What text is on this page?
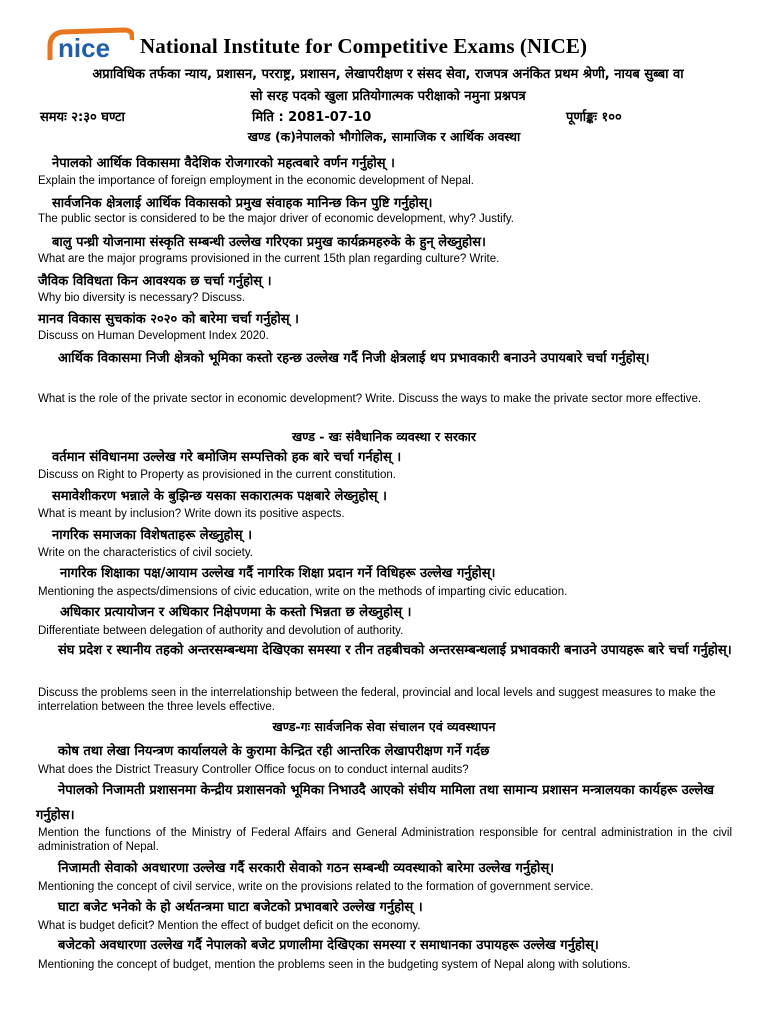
nice National Institute for Competitive Exams (NICE)
अप्राविधिक तर्फका न्याय, प्रशासन, परराष्ट्र, प्रशासन, लेखापरीक्षण र संसद सेवा, राजपत्र अनंकित प्रथम श्रेणी, नायब सुब्बा वा
सो सरह पदको खुला प्रतियोगात्मक परीक्षाको नमुना प्रश्नपत्र
समयः २:३० घण्टा	मिति : 2081-07-10	पूर्णाङ्कः १००
खण्ड (क)नेपालको भौगोलिक, सामाजिक र आर्थिक अवस्था
नेपालको आर्थिक विकासमा वैदेशिक रोजगारको महत्वबारे वर्णन गर्नुहोस् ।
Explain the importance of foreign employment in the economic development of Nepal.
सार्वजनिक क्षेत्रलाई आर्थिक विकासको प्रमुख संवाहक मानिन्छ किन पुष्टि गर्नुहोस्।
The public sector is considered to be the major driver of economic development, why? Justify.
बालु पन्ध्री योजनामा संस्कृति सम्बन्धी उल्लेख गरिएका प्रमुख कार्यक्रमहरुके के हुन् लेख्नुहोस।
What are the major programs provisioned in the current 15th plan regarding culture? Write.
जैविक विविधता किन आवश्यक छ चर्चा गर्नुहोस् ।
Why bio diversity is necessary? Discuss.
मानव विकास सुचकांक २०२० को बारेमा चर्चा गर्नुहोस् ।
Discuss on Human Development Index 2020.
आर्थिक विकासमा निजी क्षेत्रको भूमिका कस्तो रहन्छ उल्लेख गर्दै निजी क्षेत्रलाई थप प्रभावकारी बनाउने उपायबारे चर्चा गर्नुहोस्।
What is the role of the private sector in economic development? Write. Discuss the ways to make the private sector more effective.
खण्ड - खः संवैधानिक व्यवस्था र सरकार
वर्तमान संविधानमा उल्लेख गरे बमोजिम सम्पत्तिको हक बारे चर्चा गर्नहोस् ।
Discuss on Right to Property as provisioned in the current constitution.
समावेशीकरण भन्नाले के बुझिन्छ यसका सकारात्मक पक्षबारे लेख्नुहोस् ।
What is meant by inclusion? Write down its positive aspects.
नागरिक समाजका विशेषताहरू लेख्नुहोस् ।
Write on the characteristics of civil society.
नागरिक शिक्षाका पक्ष/आयाम उल्लेख गर्दै नागरिक शिक्षा प्रदान गर्ने विधिहरू उल्लेख गर्नुहोस्।
Mentioning the aspects/dimensions of civic education, write on the methods of imparting civic education.
अधिकार प्रत्यायोजन र अधिकार निक्षेपणमा के कस्तो भिन्नता छ लेख्नुहोस् ।
Differentiate between delegation of authority and devolution of authority.
संघ प्रदेश र स्थानीय तहको अन्तरसम्बन्धमा देखिएका समस्या र तीन तहबीचको अन्तरसम्बन्धलाई प्रभावकारी बनाउने उपायहरू बारे चर्चा गर्नुहोस्।
Discuss the problems seen in the interrelationship between the federal, provincial and local levels and suggest measures to make the interrelation between the three levels effective.
खण्ड-गः सार्वजनिक सेवा संचालन एवं व्यवस्थापन
कोष तथा लेखा नियन्त्रण कार्यालयले के कुरामा केन्द्रित रही आन्तरिक लेखापरीक्षण गर्ने गर्दछ
What does the District Treasury Controller Office focus on to conduct internal audits?
नेपालको निजामती प्रशासनमा केन्द्रीय प्रशासनको भूमिका निभाउदै आएको संघीय मामिला तथा सामान्य प्रशासन मन्त्रालयका कार्यहरू उल्लेख गर्नुहोस।
Mention the functions of the Ministry of Federal Affairs and General Administration responsible for central administration in the civil administration of Nepal.
निजामती सेवाको अवधारणा उल्लेख गर्दै सरकारी सेवाको गठन सम्बन्धी व्यवस्थाको बारेमा उल्लेख गर्नुहोस्।
Mentioning the concept of civil service, write on the provisions related to the formation of government service.
घाटा बजेट भनेको के हो अर्थतन्त्रमा घाटा बजेटको प्रभावबारे उल्लेख गर्नुहोस् ।
What is budget deficit? Mention the effect of budget deficit on the economy.
बजेटको अवधारणा उल्लेख गर्दै नेपालको बजेट प्रणालीमा देखिएका समस्या र समाधानका उपायहरू उल्लेख गर्नुहोस्।
Mentioning the concept of budget, mention the problems seen in the budgeting system of Nepal along with solutions.
